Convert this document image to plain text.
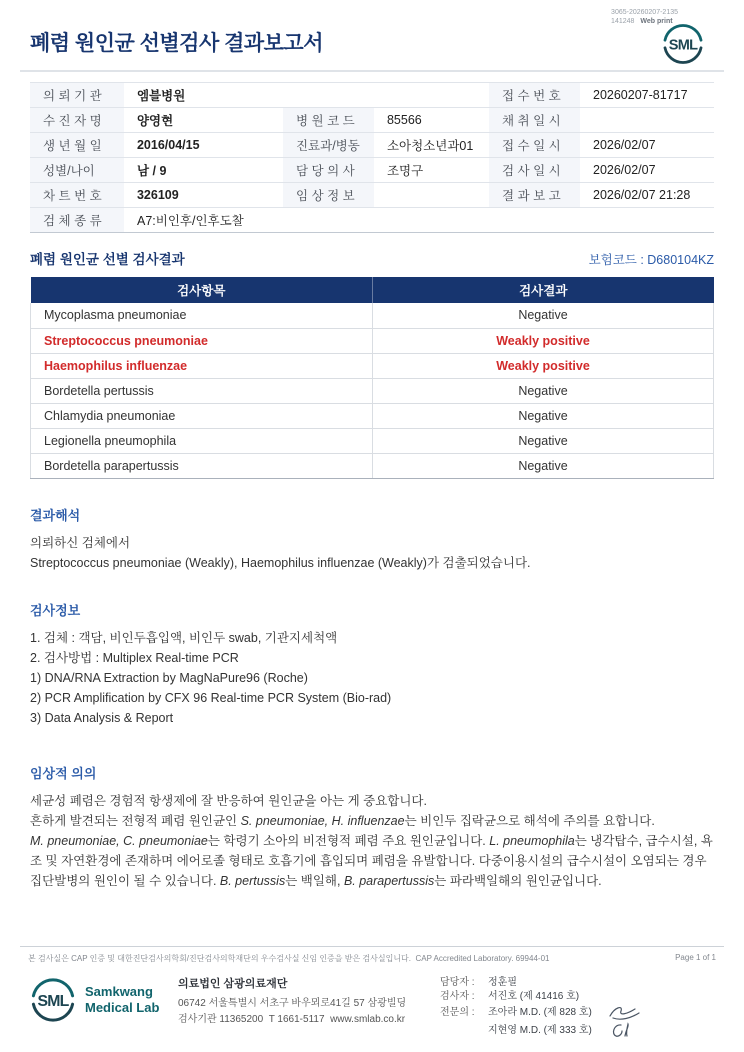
폐렴 원인균 선별검사 결과보고서
3065-20260207-2135
141248 Web print
SML
의 뢰 기 관	엠블병원			접 수 번 호	20260207-81717
수 진 자 명	양영현	병 원 코 드	85566	채 취 일 시	
생 년 월 일	2016/04/15	진료과/병동	소아청소년과01	접 수 일 시	2026/02/07
성별/나이	남 / 9	담 당 의 사	조명구	검 사 일 시	2026/02/07
차 트 번 호	326109	임 상 정 보		결 과 보 고	2026/02/07 21:28
검 체 종 류	A7:비인후/인후도찰				
폐렴 원인균 선별 검사결과	보험코드 : D680104KZ
검사항목	검사결과
Mycoplasma pneumoniae	Negative
Streptococcus pneumoniae	Weakly positive
Haemophilus influenzae	Weakly positive
Bordetella pertussis	Negative
Chlamydia pneumoniae	Negative
Legionella pneumophila	Negative
Bordetella parapertussis	Negative
결과해석
의뢰하신 검체에서
Streptococcus pneumoniae (Weakly), Haemophilus influenzae (Weakly)가 검출되었습니다.
검사정보
1. 검체 : 객담, 비인두흡입액, 비인두 swab, 기관지세척액
2. 검사방법 : Multiplex Real-time PCR
1) DNA/RNA Extraction by MagNaPure96 (Roche)
2) PCR Amplification by CFX 96 Real-time PCR System (Bio-rad)
3) Data Analysis & Report
임상적 의의
세균성 폐렴은 경험적 항생제에 잘 반응하여 원인균을 아는 게 중요합니다.
흔하게 발견되는 전형적 폐렴 원인균인 S. pneumoniae, H. influenzae는 비인두 집락균으로 해석에 주의를 요합니다.
M. pneumoniae, C. pneumoniae는 학령기 소아의 비전형적 폐렴 주요 원인균입니다. L. pneumophila는 냉각탑수, 급수시설, 욕조 및 자연환경에 존재하며 에어로졸 형태로 호흡기에 흡입되며 폐렴을 유발합니다. 다중이용시설의 급수시설이 오염되는 경우 집단발병의 원인이 될 수 있습니다. B. pertussis는 백일해, B. parapertussis는 파라백일해의 원인균입니다.
본 검사실은 CAP 인증 및 대한진단검사의학회/진단검사의학재단의 우수검사실 신임 인증을 받은 검사실입니다.  CAP Accredited Laboratory. 69944-01	Page 1 of 1
SML
Samkwang
Medical Lab
의료법인 삼광의료재단
06742 서울특별시 서초구 바우뫼로41길 57 삼광빌딩
검사기관 11365200  T 1661-5117  www.smlab.co.kr
담당자 :	정훈필
검사자 :	서진호 (제 41416 호)
전문의 :	조아라 M.D. (제 828 호)
지현영 M.D. (제 333 호)
